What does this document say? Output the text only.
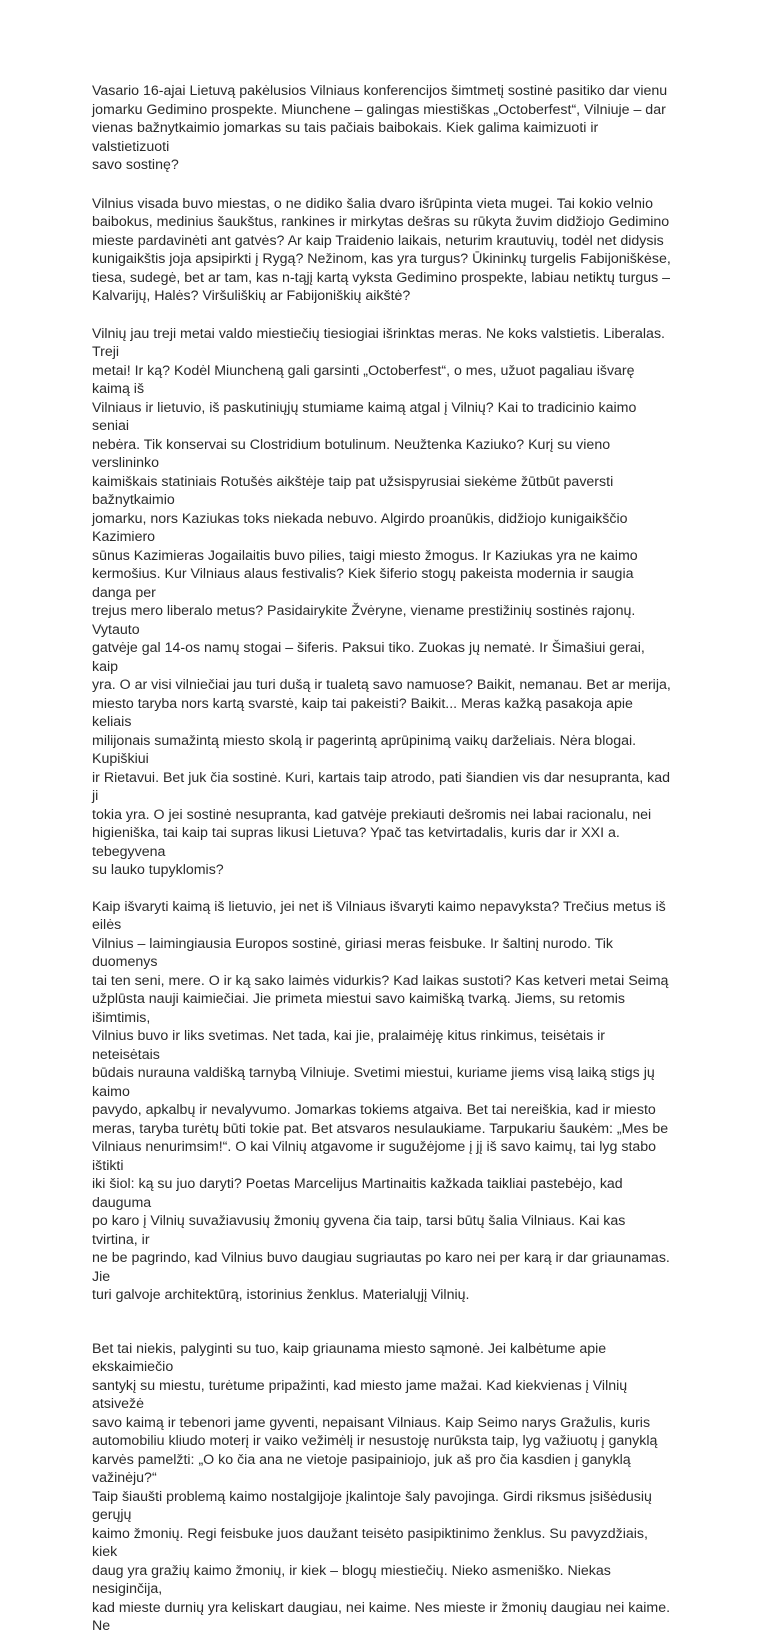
Vasario 16-ajai Lietuvą pakėlusios Vilniaus konferencijos šimtmetį sostinė pasitiko dar vienu
jomarku Gedimino prospekte. Miunchene – galingas miestiškas „Octoberfest“, Vilniuje – dar
vienas bažnytkaimio jomarkas su tais pačiais baibokais. Kiek galima kaimizuoti ir valstietizuoti
savo sostinę?

Vilnius visada buvo miestas, o ne didiko šalia dvaro išrūpinta vieta mugei. Tai kokio velnio
baibokus, medinius šaukštus, rankines ir mirkytas dešras su rūkyta žuvim didžiojo Gedimino
mieste pardavinėti ant gatvės? Ar kaip Traidenio laikais, neturim krautuvių, todėl net didysis
kunigaikštis joja apsipirkti į Rygą? Nežinom, kas yra turgus? Ūkininkų turgelis Fabijoniškėse,
tiesa, sudegė, bet ar tam, kas n-tąjį kartą vyksta Gedimino prospekte, labiau netiktų turgus –
Kalvarijų, Halės? Viršuliškių ar Fabijoniškių aikštė?

Vilnių jau treji metai valdo miestiečių tiesiogiai išrinktas meras. Ne koks valstietis. Liberalas. Treji
metai! Ir ką? Kodėl Miuncheną gali garsinti „Octoberfest“, o mes, užuot pagaliau išvarę kaimą iš
Vilniaus ir lietuvio, iš paskutiniųjų stumiame kaimą atgal į Vilnių? Kai to tradicinio kaimo seniai
nebėra. Tik konservai su Clostridium botulinum. Neužtenka Kaziuko? Kurį su vieno verslininko
kaimiškais statiniais Rotušės aikštėje taip pat užsispyrusiai siekėme žūtbūt paversti bažnytkaimio
jomarku, nors Kaziukas toks niekada nebuvo. Algirdo proanūkis, didžiojo kunigaikščio Kazimiero
sūnus Kazimieras Jogailaitis buvo pilies, taigi miesto žmogus. Ir Kaziukas yra ne kaimo
kermošius. Kur Vilniaus alaus festivalis? Kiek šiferio stogų pakeista modernia ir saugia danga per
trejus mero liberalo metus? Pasidairykite Žvėryne, viename prestižinių sostinės rajonų. Vytauto
gatvėje gal 14-os namų stogai – šiferis. Paksui tiko. Zuokas jų nematė. Ir Šimašiui gerai, kaip
yra. O ar visi vilniečiai jau turi dušą ir tualetą savo namuose? Baikit, nemanau. Bet ar merija,
miesto taryba nors kartą svarstė, kaip tai pakeisti? Baikit... Meras kažką pasakoja apie keliais
milijonais sumažintą miesto skolą ir pagerintą aprūpinimą vaikų darželiais. Nėra blogai. Kupiškiui
ir Rietavui. Bet juk čia sostinė. Kuri, kartais taip atrodo, pati šiandien vis dar nesupranta, kad ji
tokia yra. O jei sostinė nesupranta, kad gatvėje prekiauti dešromis nei labai racionalu, nei
higieniška, tai kaip tai supras likusi Lietuva? Ypač tas ketvirtadalis, kuris dar ir XXI a. tebegyvena
su lauko tupyklomis?

Kaip išvaryti kaimą iš lietuvio, jei net iš Vilniaus išvaryti kaimo nepavyksta? Trečius metus iš eilės
Vilnius – laimingiausia Europos sostinė, giriasi meras feisbuke. Ir šaltinį nurodo. Tik duomenys
tai ten seni, mere. O ir ką sako laimės vidurkis? Kad laikas sustoti? Kas ketveri metai Seimą
užplūsta nauji kaimiečiai. Jie primeta miestui savo kaimišką tvarką. Jiems, su retomis išimtimis,
Vilnius buvo ir liks svetimas. Net tada, kai jie, pralaimėję kitus rinkimus, teisėtais ir neteisėtais
būdais nurauna valdišką tarnybą Vilniuje. Svetimi miestui, kuriame jiems visą laiką stigs jų kaimo
pavydo, apkalbų ir nevalyvumo. Jomarkas tokiems atgaiva. Bet tai nereiškia, kad ir miesto
meras, taryba turėtų būti tokie pat. Bet atsvaros nesulaukiame. Tarpukariu šaukėm: „Mes be
Vilniaus nenurimsim!“. O kai Vilnių atgavome ir sugužėjome į jį iš savo kaimų, tai lyg stabo ištikti
iki šiol: ką su juo daryti? Poetas Marcelijus Martinaitis kažkada taikliai pastebėjo, kad dauguma
po karo į Vilnių suvažiavusių žmonių gyvena čia taip, tarsi būtų šalia Vilniaus. Kai kas tvirtina, ir
ne be pagrindo, kad Vilnius buvo daugiau sugriautas po karo nei per karą ir dar griaunamas. Jie
turi galvoje architektūrą, istorinius ženklus. Materialųjį Vilnių.

Bet tai niekis, palyginti su tuo, kaip griaunama miesto sąmonė. Jei kalbėtume apie ekskaimiečio
santykį su miestu, turėtume pripažinti, kad miesto jame mažai. Kad kiekvienas į Vilnių atsivežė
savo kaimą ir tebenori jame gyventi, nepaisant Vilniaus. Kaip Seimo narys Gražulis, kuris
automobiliu kliudo moterį ir vaiko vežimėlį ir nesustoję nurūksta taip, lyg važiuotų į ganyklą
karvės pamelžti: „O ko čia ana ne vietoje pasipainiojo, juk aš pro čia kasdien į ganyklą važinėju?“
Taip šiaušti problemą kaimo nostalgijoje įkalintoje šaly pavojinga. Girdi riksmus įsišėdusių gerųjų
kaimo žmonių. Regi feisbuke juos daužant teisėto pasipiktinimo ženklus. Su pavyzdžiais, kiek
daug yra gražių kaimo žmonių, ir kiek – blogų miestiečių. Nieko asmeniško. Niekas nesiginčija,
kad mieste durnių yra keliskart daugiau, nei kaime. Nes mieste ir žmonių daugiau nei kaime. Ne
